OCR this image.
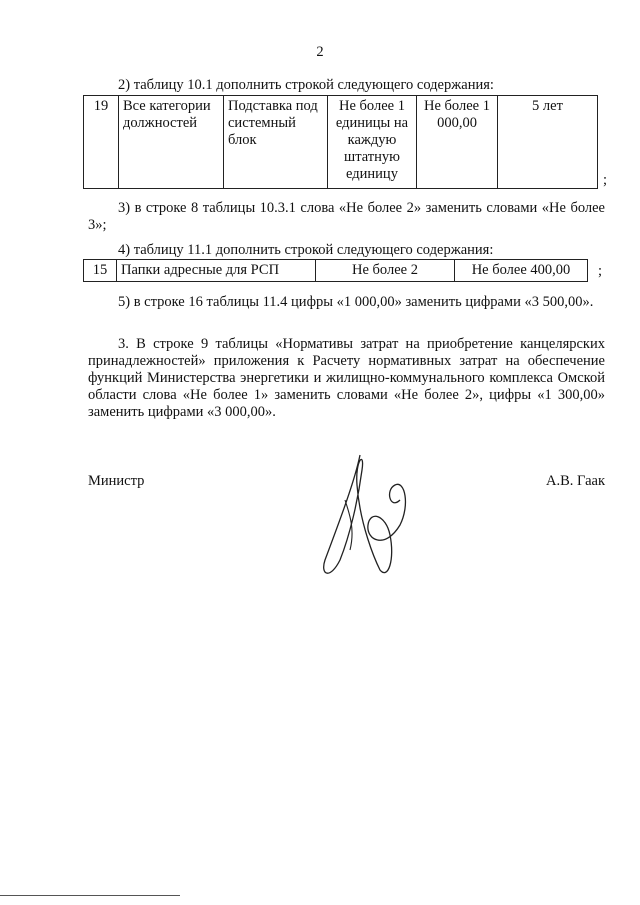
2
2) таблицу 10.1 дополнить строкой следующего содержания:
19	Все категории должностей	Подставка под системный блок	Не более 1 единицы на каждую штатную единицу	Не более 1 000,00	5 лет
;
3) в строке 8 таблицы 10.3.1 слова «Не более 2» заменить словами «Не более 3»;
4) таблицу 11.1 дополнить строкой следующего содержания:
15	Папки адресные для РСП	Не более 2	Не более 400,00 ;
5) в строке 16 таблицы 11.4 цифры «1 000,00» заменить цифрами «3 500,00».
3. В строке 9 таблицы «Нормативы затрат на приобретение канцелярских принадлежностей» приложения к Расчету нормативных затрат на обеспечение функций Министерства энергетики и жилищно-коммунального комплекса Омской области слова «Не более 1» заменить словами «Не более 2», цифры «1 300,00» заменить цифрами «3 000,00».
Министр	А.В. Гаак
